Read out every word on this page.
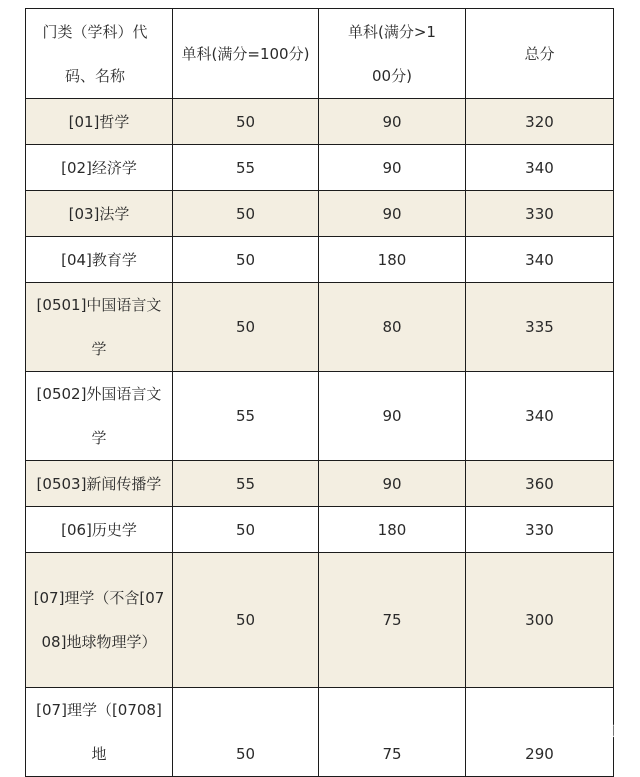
门类（学科）代码、名称	单科(满分=100分)	单科(满分>100分)	总分
[01]哲学	50	90	320
[02]经济学	55	90	340
[03]法学	50	90	330
[04]教育学	50	180	340
[0501]中国语言文学	50	80	335
[0502]外国语言文学	55	90	340
[0503]新闻传播学	55	90	360
[06]历史学	50	180	330
[07]理学（不含[0708]地球物理学）	50	75	300
[07]理学（[0708]地	50	75	290
悟空问答
